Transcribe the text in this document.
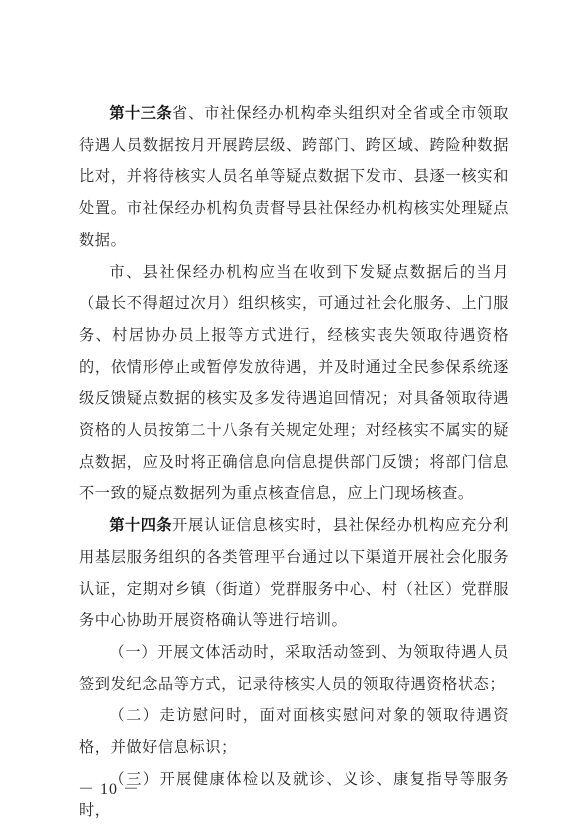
第十三条省、市社保经办机构牵头组织对全省或全市领取待遇人员数据按月开展跨层级、跨部门、跨区域、跨险种数据比对，并将待核实人员名单等疑点数据下发市、县逐一核实和处置。市社保经办机构负责督导县社保经办机构核实处理疑点数据。

市、县社保经办机构应当在收到下发疑点数据后的当月（最长不得超过次月）组织核实，可通过社会化服务、上门服务、村居协办员上报等方式进行，经核实丧失领取待遇资格的，依情形停止或暂停发放待遇，并及时通过全民参保系统逐级反馈疑点数据的核实及多发待遇追回情况；对具备领取待遇资格的人员按第二十八条有关规定处理；对经核实不属实的疑点数据，应及时将正确信息向信息提供部门反馈；将部门信息不一致的疑点数据列为重点核查信息，应上门现场核查。

第十四条开展认证信息核实时，县社保经办机构应充分利用基层服务组织的各类管理平台通过以下渠道开展社会化服务认证，定期对乡镇（街道）党群服务中心、村（社区）党群服务中心协助开展资格确认等进行培训。

（一）开展文体活动时，采取活动签到、为领取待遇人员签到发纪念品等方式，记录待核实人员的领取待遇资格状态；

（二）走访慰问时，面对面核实慰问对象的领取待遇资格，并做好信息标识；

（三）开展健康体检以及就诊、义诊、康复指导等服务时，

－ 10 －
